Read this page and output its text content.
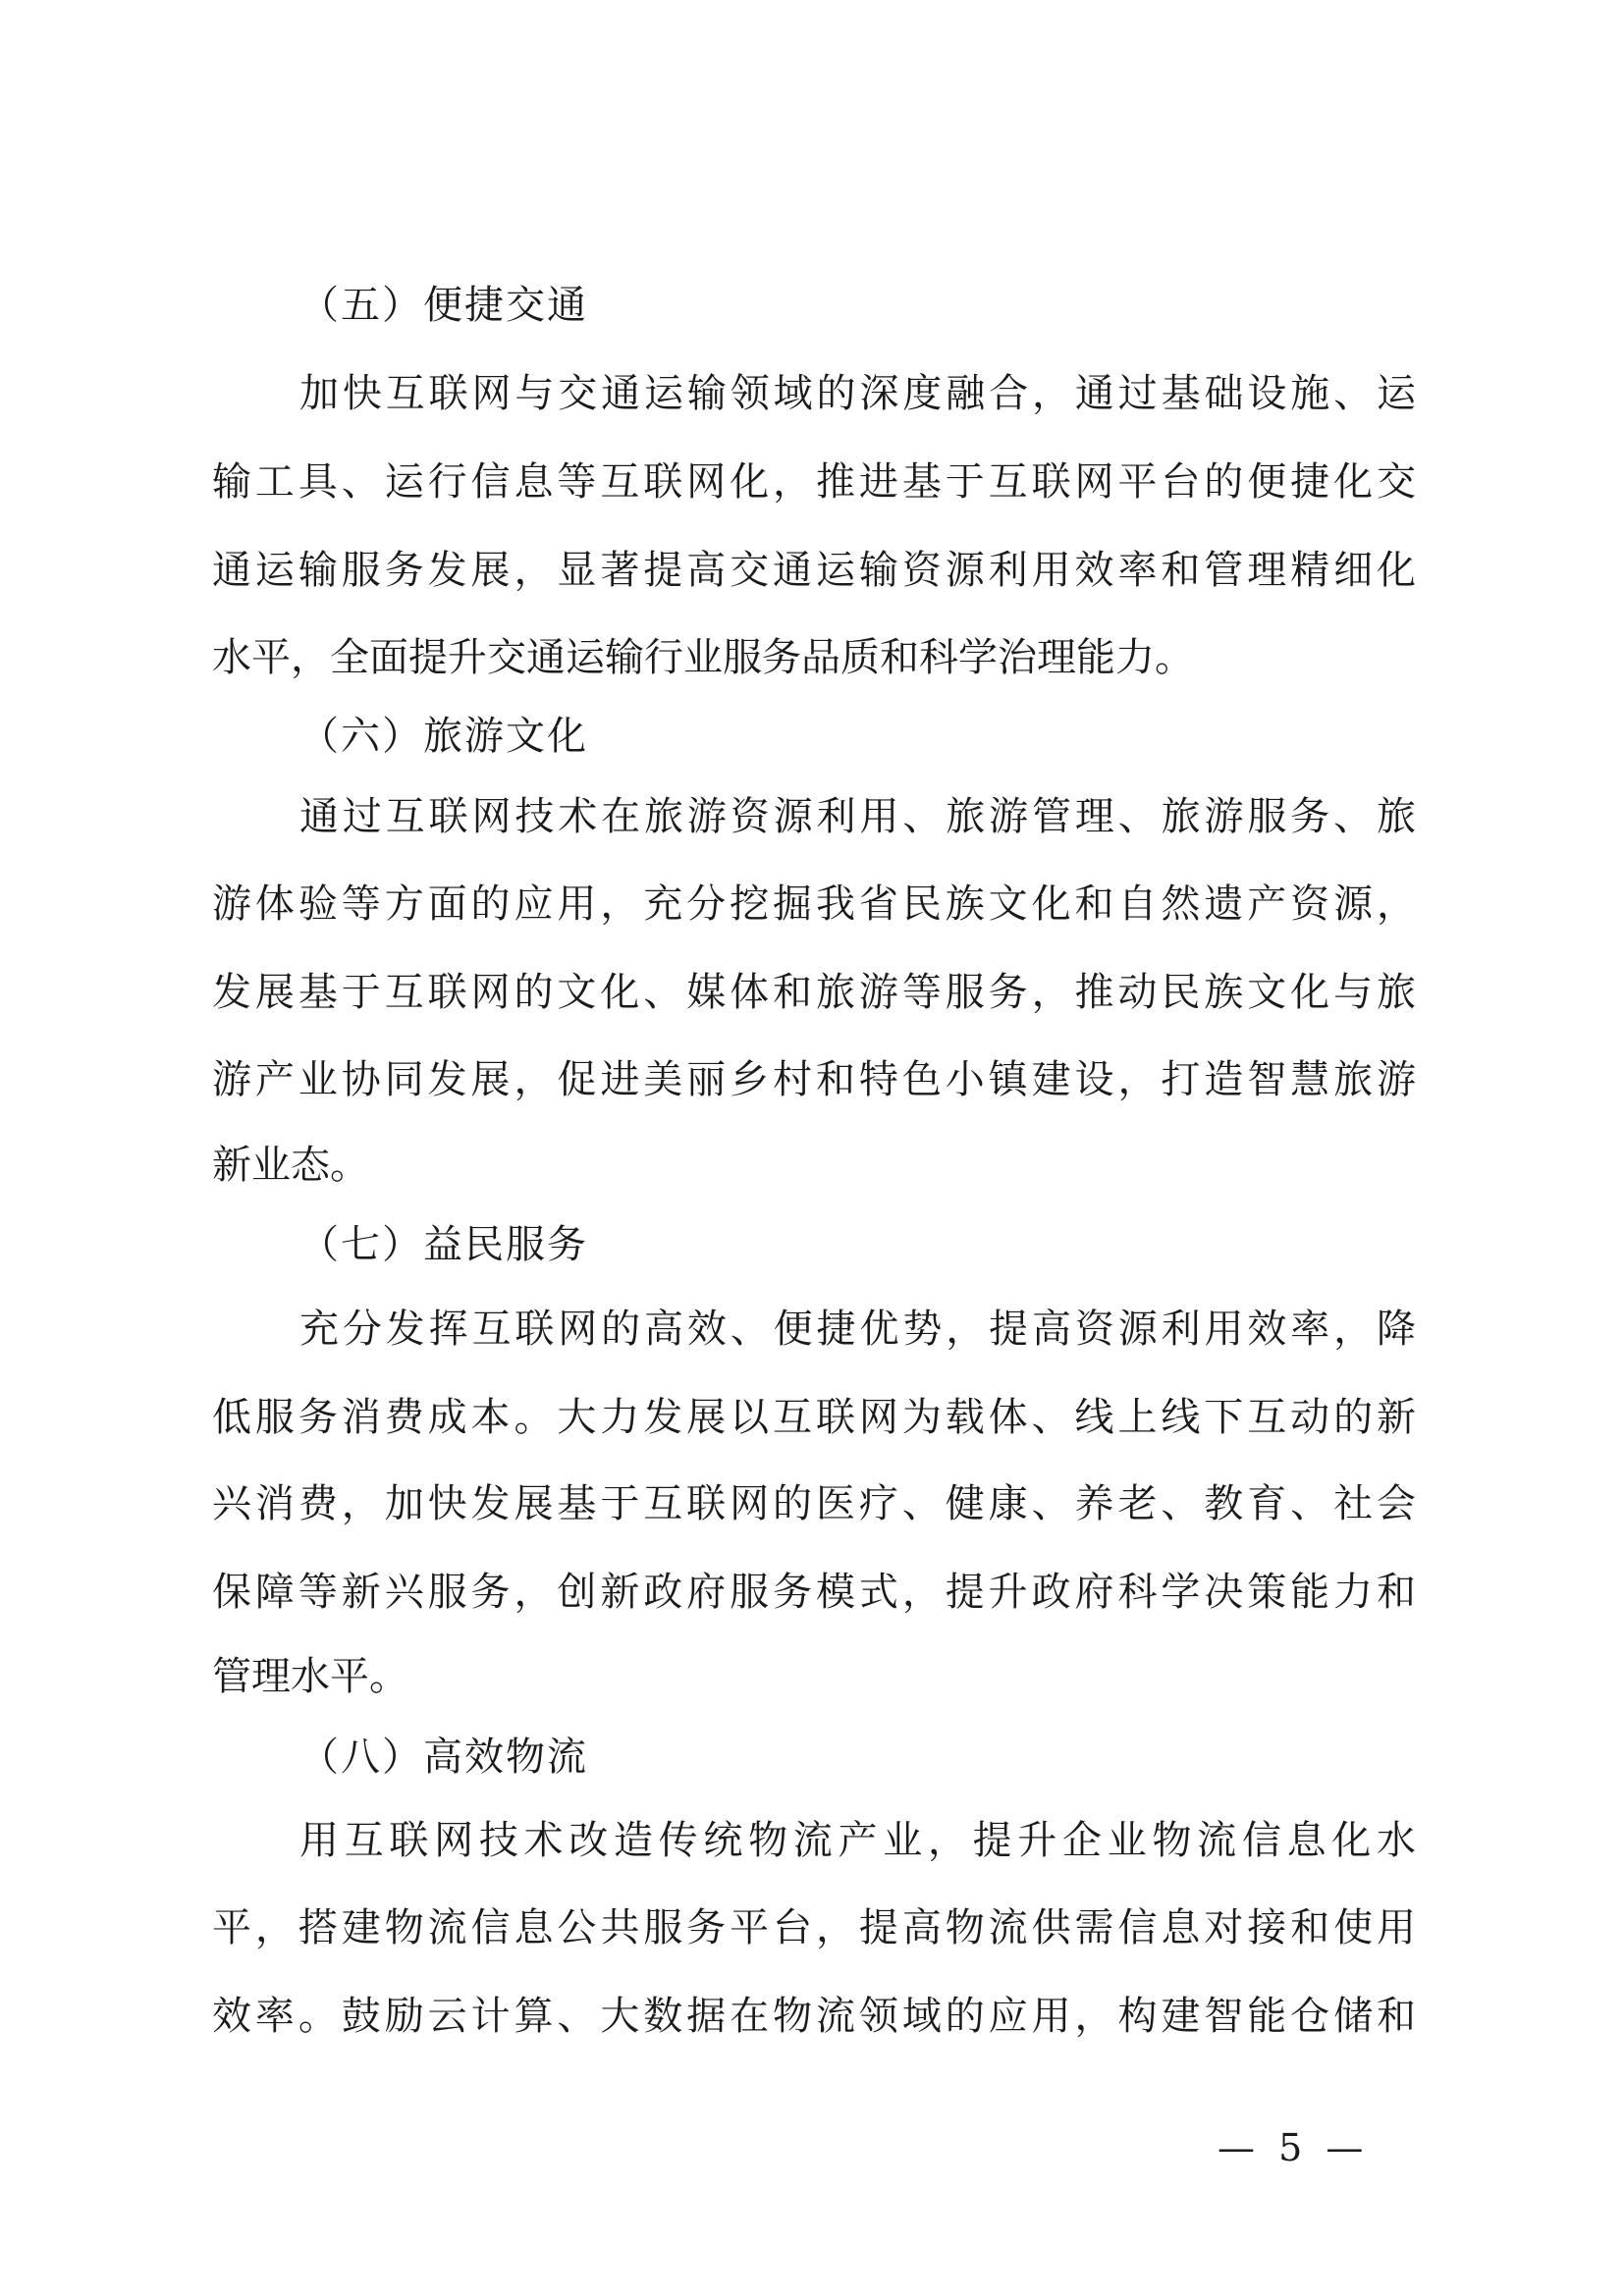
（五）便捷交通
加快互联网与交通运输领域的深度融合，通过基础设施、运
输工具、运行信息等互联网化，推进基于互联网平台的便捷化交
通运输服务发展，显著提高交通运输资源利用效率和管理精细化
水平，全面提升交通运输行业服务品质和科学治理能力。
（六）旅游文化
通过互联网技术在旅游资源利用、旅游管理、旅游服务、旅
游体验等方面的应用，充分挖掘我省民族文化和自然遗产资源，
发展基于互联网的文化、媒体和旅游等服务，推动民族文化与旅
游产业协同发展，促进美丽乡村和特色小镇建设，打造智慧旅游
新业态。
（七）益民服务
充分发挥互联网的高效、便捷优势，提高资源利用效率，降
低服务消费成本。大力发展以互联网为载体、线上线下互动的新
兴消费，加快发展基于互联网的医疗、健康、养老、教育、社会
保障等新兴服务，创新政府服务模式，提升政府科学决策能力和
管理水平。
（八）高效物流
用互联网技术改造传统物流产业，提升企业物流信息化水
平，搭建物流信息公共服务平台，提高物流供需信息对接和使用
效率。鼓励云计算、大数据在物流领域的应用，构建智能仓储和
— 5 —
